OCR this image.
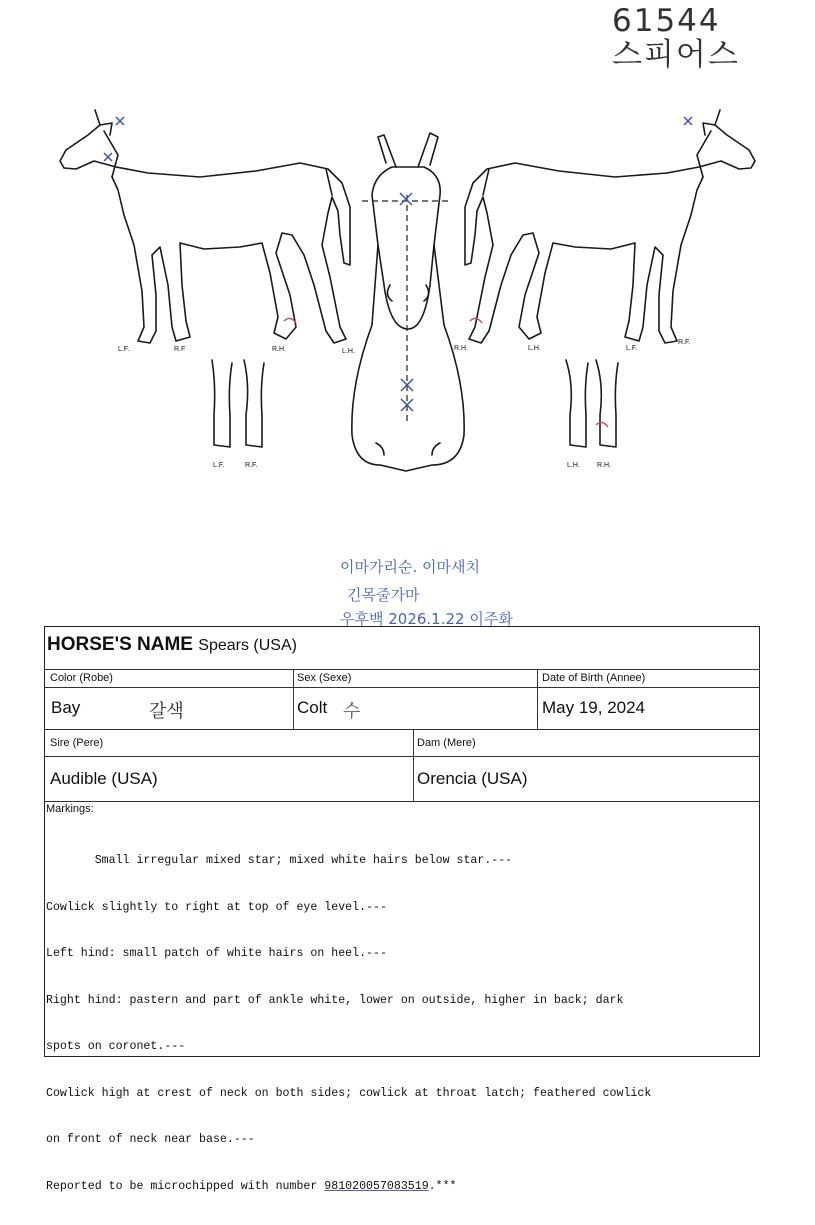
61544
스피어스
L.F.	R.F	R.H.	L.H.	R.H.	L.H.	L.F.
R.F.
L.F.	R.F.	L.H. R.H.
이마가리순. 이마새치
긴목줄가마
우후백 2026.1.22 이주화
HORSE'S NAME Spears (USA)
Color (Robe)	Sex (Sexe)	Date of Birth (Annee)
Bay	갈색	Colt 수	May 19, 2024
Sire (Pere)	Dam (Mere)
Audible (USA)	Orencia (USA)
Markings:

Small irregular mixed star; mixed white hairs below star.---

Cowlick slightly to right at top of eye level.---

Left hind: small patch of white hairs on heel.---

Right hind: pastern and part of ankle white, lower on outside, higher in back; dark

spots on coronet.---

Cowlick high at crest of neck on both sides; cowlick at throat latch; feathered cowlick

on front of neck near base.---

Reported to be microchipped with number 981020057083519.***
